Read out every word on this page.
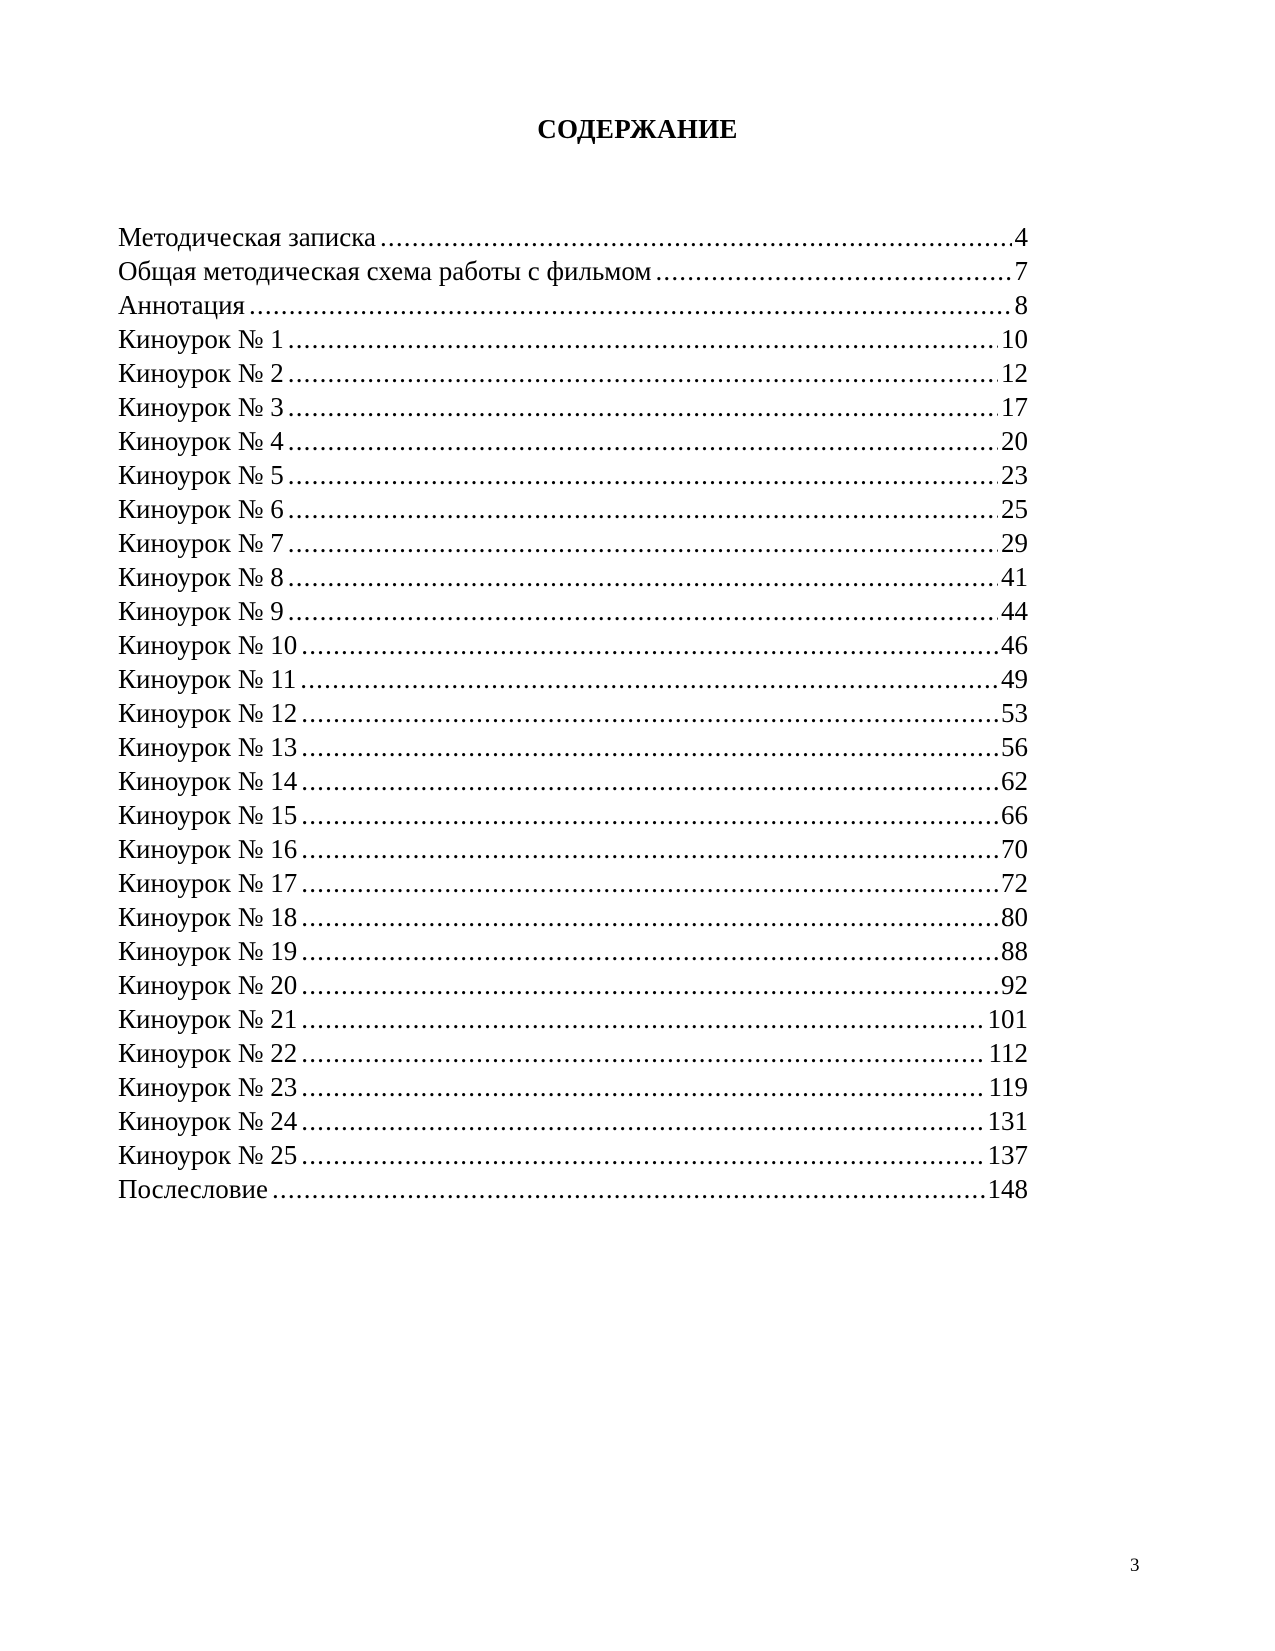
СОДЕРЖАНИЕ
Методическая записка .....	4
Общая методическая схема работы с фильмом .....	7
Аннотация .....	8
Киноурок № 1 .....	10
Киноурок № 2 .....	12
Киноурок № 3 .....	17
Киноурок № 4 .....	20
Киноурок № 5 .....	23
Киноурок № 6 .....	25
Киноурок № 7 .....	29
Киноурок № 8 .....	41
Киноурок № 9 .....	44
Киноурок № 10 .....	46
Киноурок № 11 .....	49
Киноурок № 12 .....	53
Киноурок № 13 .....	56
Киноурок № 14 .....	62
Киноурок № 15 .....	66
Киноурок № 16 .....	70
Киноурок № 17 .....	72
Киноурок № 18 .....	80
Киноурок № 19 .....	88
Киноурок № 20 .....	92
Киноурок № 21 .....	101
Киноурок № 22 .....	112
Киноурок № 23 .....	119
Киноурок № 24 .....	131
Киноурок № 25 .....	137
Послесловие .....	148
3
